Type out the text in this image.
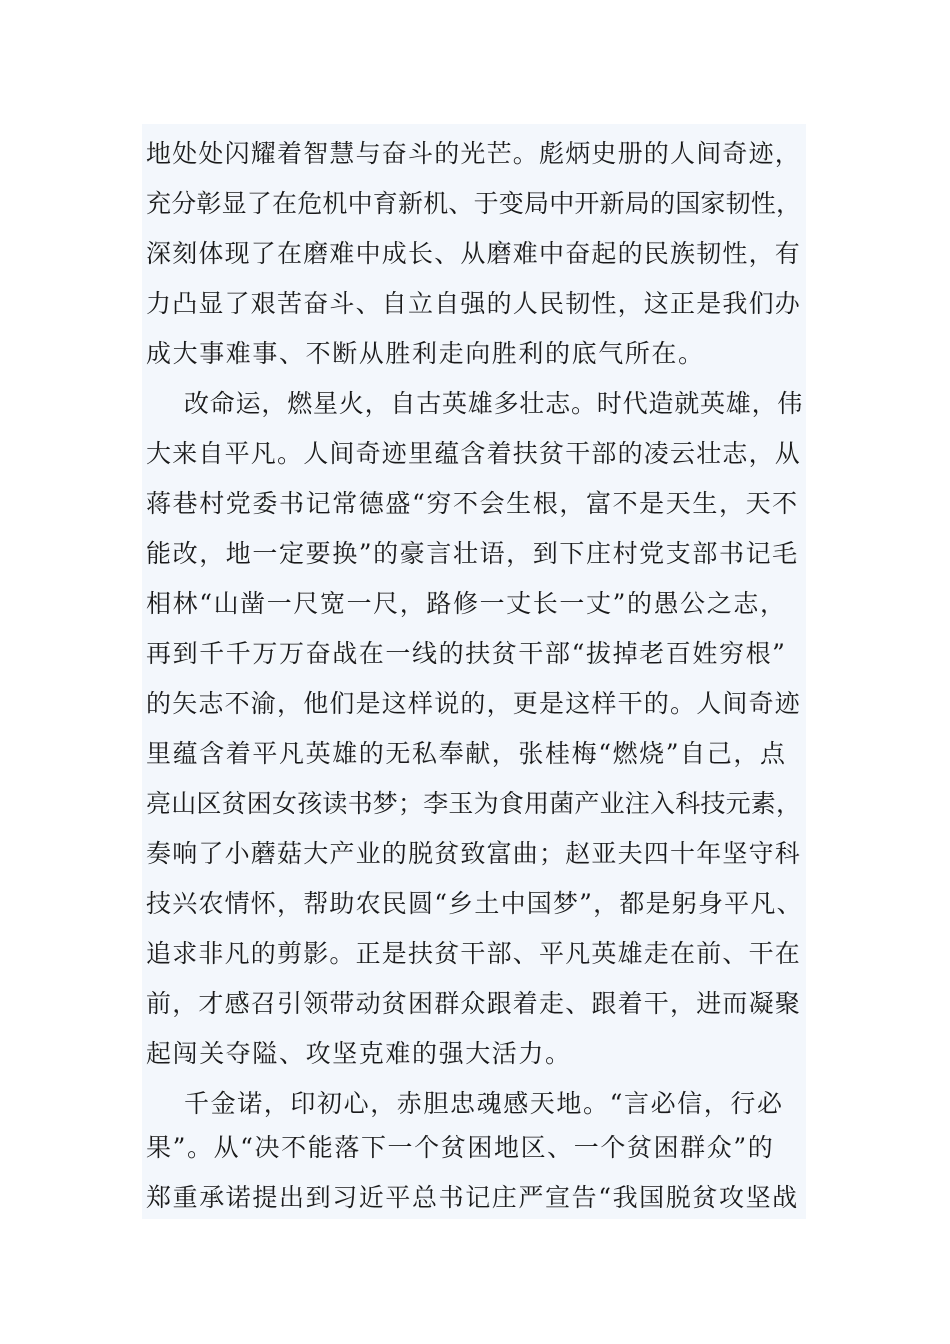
地处处闪耀着智慧与奋斗的光芒。彪炳史册的人间奇迹，
充分彰显了在危机中育新机、于变局中开新局的国家韧性，
深刻体现了在磨难中成长、从磨难中奋起的民族韧性，有
力凸显了艰苦奋斗、自立自强的人民韧性，这正是我们办
成大事难事、不断从胜利走向胜利的底气所在。
改命运，燃星火，自古英雄多壮志。时代造就英雄，伟
大来自平凡。人间奇迹里蕴含着扶贫干部的凌云壮志，从
蒋巷村党委书记常德盛“穷不会生根，富不是天生，天不
能改，地一定要换”的豪言壮语，到下庄村党支部书记毛
相林“山凿一尺宽一尺，路修一丈长一丈”的愚公之志，
再到千千万万奋战在一线的扶贫干部“拔掉老百姓穷根”
的矢志不渝，他们是这样说的，更是这样干的。人间奇迹
里蕴含着平凡英雄的无私奉献，张桂梅“燃烧”自己，点
亮山区贫困女孩读书梦；李玉为食用菌产业注入科技元素，
奏响了小蘑菇大产业的脱贫致富曲；赵亚夫四十年坚守科
技兴农情怀，帮助农民圆“乡土中国梦”，都是躬身平凡、
追求非凡的剪影。正是扶贫干部、平凡英雄走在前、干在
前，才感召引领带动贫困群众跟着走、跟着干，进而凝聚
起闯关夺隘、攻坚克难的强大活力。
千金诺，印初心，赤胆忠魂感天地。“言必信，行必
果”。从“决不能落下一个贫困地区、一个贫困群众”的
郑重承诺提出到习近平总书记庄严宣告“我国脱贫攻坚战
